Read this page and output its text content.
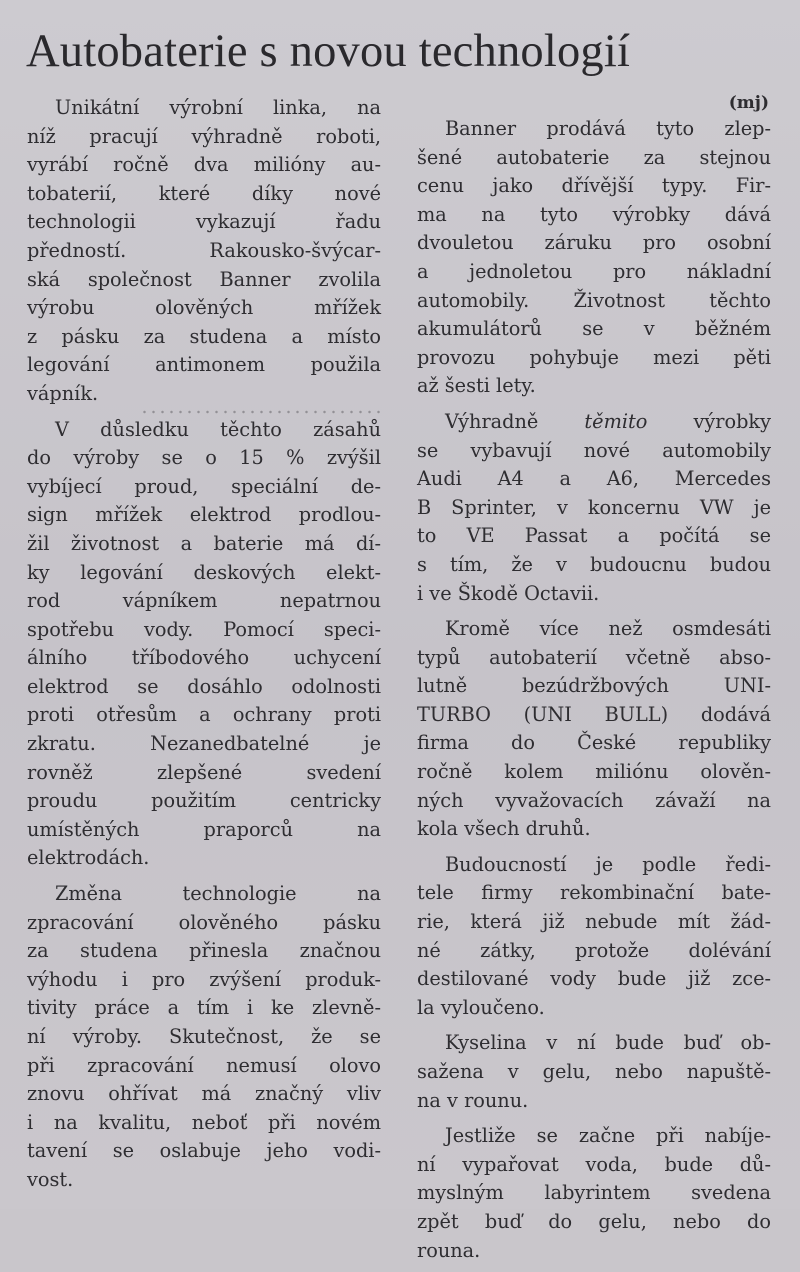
Autobaterie s novou technologií

Unikátní výrobní linka, na
níž pracují výhradně roboti,
vyrábí ročně dva milióny au-
tobaterií, které díky nové
technologii vykazují řadu
předností. Rakousko-švýcar-
ská společnost Banner zvolila
výrobu olověných mřížek
z pásku za studena a místo
legování antimonem použila
vápník.

V důsledku těchto zásahů
do výroby se o 15 % zvýšil
vybíjecí proud, speciální de-
sign mřížek elektrod prodlou-
žil životnost a baterie má dí-
ky legování deskových elekt-
rod vápníkem nepatrnou
spotřebu vody. Pomocí speci-
álního tříbodového uchycení
elektrod se dosáhlo odolnosti
proti otřesům a ochrany proti
zkratu. Nezanedbatelné je
rovněž zlepšené svedení
proudu použitím centricky
umístěných praporců na
elektrodách.

Změna technologie na
zpracování olověného pásku
za studena přinesla značnou
výhodu i pro zvýšení produk-
tivity práce a tím i ke zlevně-
ní výroby. Skutečnost, že se
při zpracování nemusí olovo
znovu ohřívat má značný vliv
i na kvalitu, neboť při novém
tavení se oslabuje jeho vodi-
vost.

(mj)

Banner prodává tyto zlep-
šené autobaterie za stejnou
cenu jako dřívější typy. Fir-
ma na tyto výrobky dává
dvouletou záruku pro osobní
a jednoletou pro nákladní
automobily. Životnost těchto
akumulátorů se v běžném
provozu pohybuje mezi pěti
až šesti lety.

Výhradně těmito výrobky
se vybavují nové automobily
Audi A4 a A6, Mercedes
B Sprinter, v koncernu VW je
to VE Passat a počítá se
s tím, že v budoucnu budou
i ve Škodě Octavii.

Kromě více než osmdesáti
typů autobaterií včetně abso-
lutně bezúdržbových UNI-
TURBO (UNI BULL) dodává
firma do České republiky
ročně kolem miliónu olověn-
ných vyvažovacích závaží na
kola všech druhů.

Budoucností je podle ředi-
tele firmy rekombinační bate-
rie, která již nebude mít žád-
né zátky, protože dolévání
destilované vody bude již zce-
la vyloučeno.

Kyselina v ní bude buď ob-
sažena v gelu, nebo napuště-
na v rounu.

Jestliže se začne při nabíje-
ní vypařovat voda, bude dů-
myslným labyrintem svedena
zpět buď do gelu, nebo do
rouna.
